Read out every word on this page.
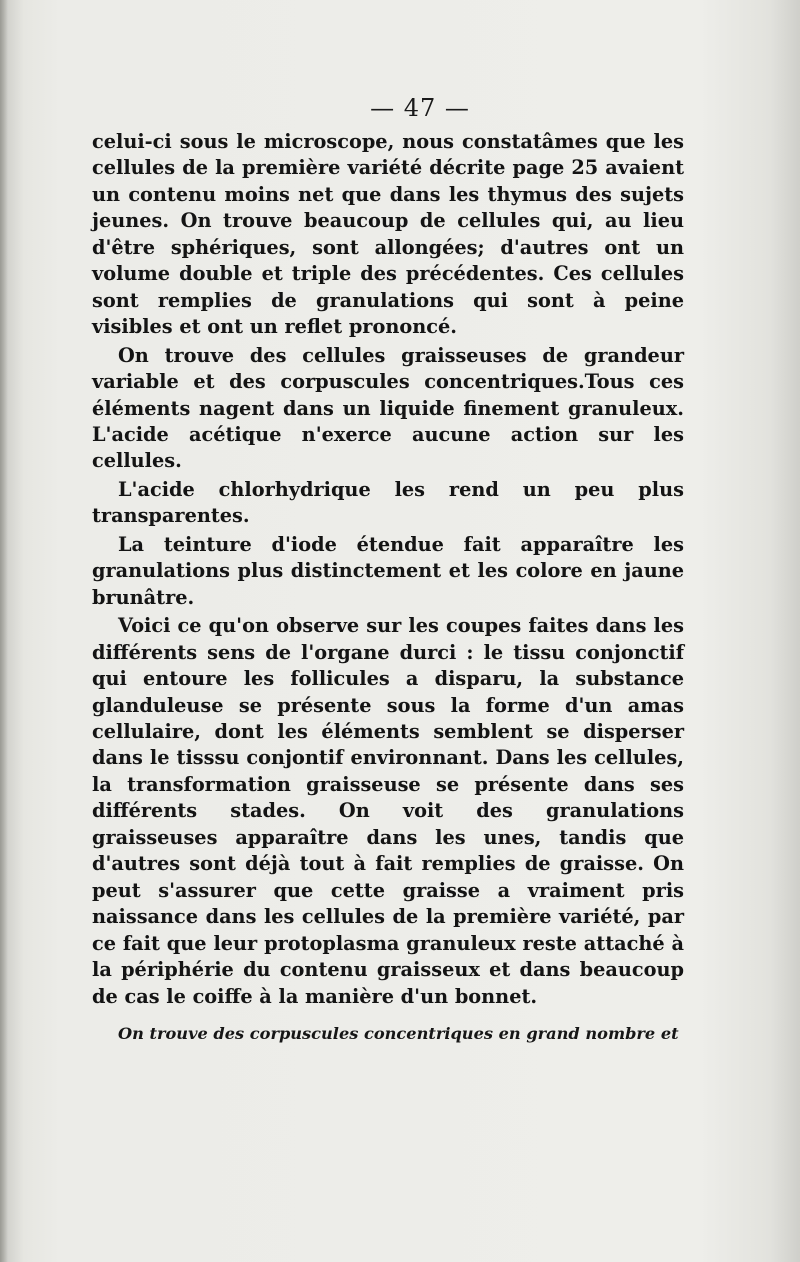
— 47 —

celui-ci sous le microscope, nous constatâmes que les cellules de la première variété décrite page 25 avaient un contenu moins net que dans les thymus des sujets jeunes. On trouve beaucoup de cellules qui, au lieu d'être sphériques, sont allongées; d'autres ont un volume double et triple des précédentes. Ces cellules sont remplies de granulations qui sont à peine visibles et ont un reflet prononcé.

On trouve des cellules graisseuses de grandeur variable et des corpuscules concentriques.Tous ces éléments nagent dans un liquide finement granuleux. L'acide acétique n'exerce aucune action sur les cellules.

L'acide chlorhydrique les rend un peu plus transparentes.

La teinture d'iode étendue fait apparaître les granulations plus distinctement et les colore en jaune brunâtre.

Voici ce qu'on observe sur les coupes faites dans les différents sens de l'organe durci : le tissu conjonctif qui entoure les follicules a disparu, la substance glanduleuse se présente sous la forme d'un amas cellulaire, dont les éléments semblent se disperser dans le tisssu conjontif environnant. Dans les cellules, la transformation graisseuse se présente dans ses différents stades. On voit des granulations graisseuses apparaître dans les unes, tandis que d'autres sont déjà tout à fait remplies de graisse. On peut s'assurer que cette graisse a vraiment pris naissance dans les cellules de la première variété, par ce fait que leur protoplasma granuleux reste attaché à la périphérie du contenu graisseux et dans beaucoup de cas le coiffe à la manière d'un bonnet.

On trouve des corpuscules concentriques en grand nombre et
